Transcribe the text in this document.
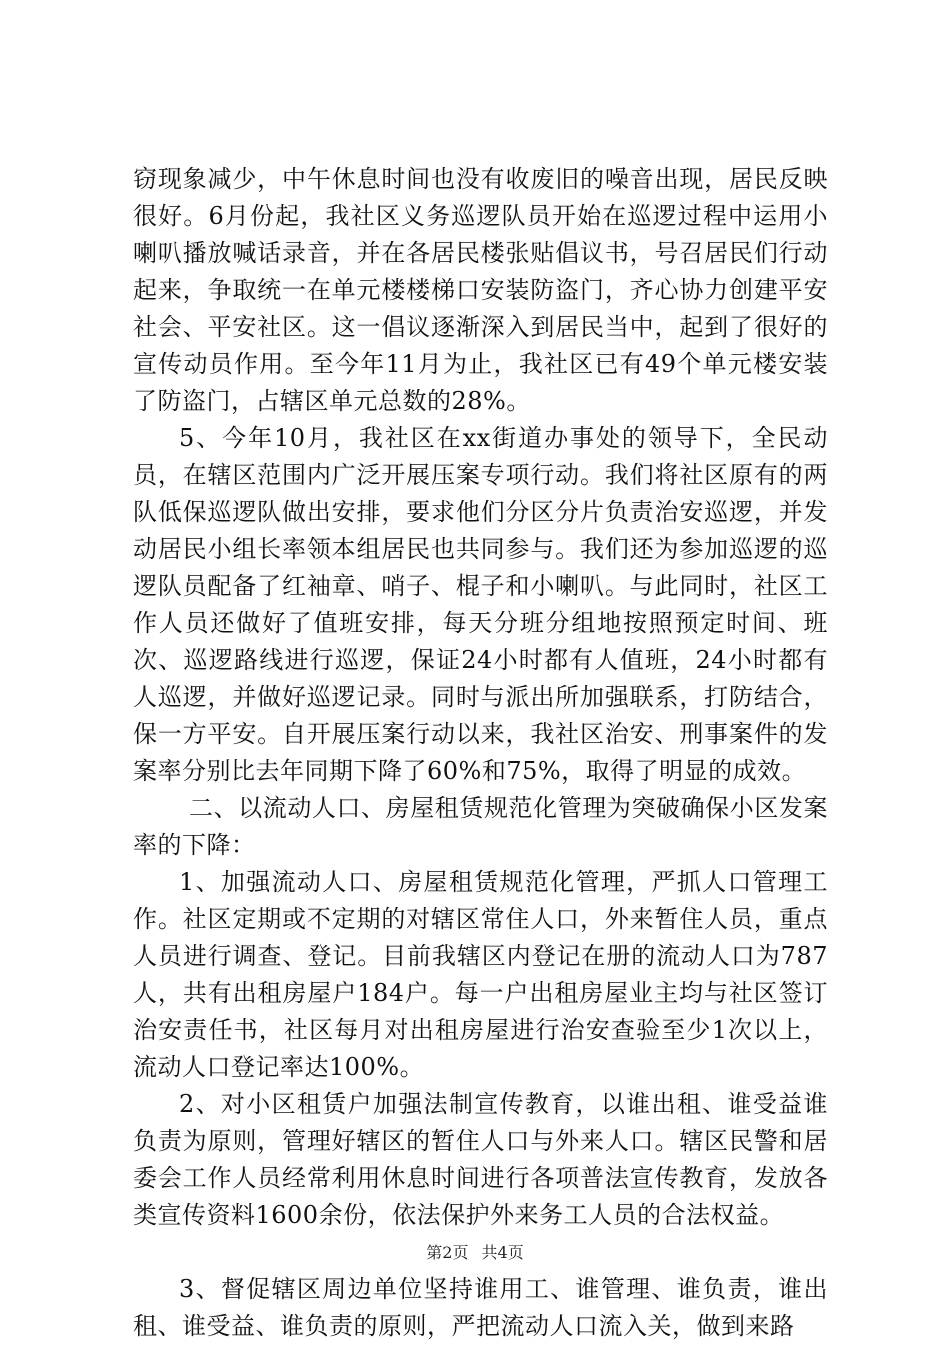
窃现象减少，中午休息时间也没有收废旧的噪音出现，居民反映很好。6月份起，我社区义务巡逻队员开始在巡逻过程中运用小喇叭播放喊话录音，并在各居民楼张贴倡议书，号召居民们行动起来，争取统一在单元楼楼梯口安装防盗门，齐心协力创建平安社会、平安社区。这一倡议逐渐深入到居民当中，起到了很好的宣传动员作用。至今年11月为止，我社区已有49个单元楼安装了防盗门，占辖区单元总数的28%。

5、今年10月，我社区在xx街道办事处的领导下，全民动员，在辖区范围内广泛开展压案专项行动。我们将社区原有的两队低保巡逻队做出安排，要求他们分区分片负责治安巡逻，并发动居民小组长率领本组居民也共同参与。我们还为参加巡逻的巡逻队员配备了红袖章、哨子、棍子和小喇叭。与此同时，社区工作人员还做好了值班安排，每天分班分组地按照预定时间、班次、巡逻路线进行巡逻，保证24小时都有人值班，24小时都有人巡逻，并做好巡逻记录。同时与派出所加强联系，打防结合，保一方平安。自开展压案行动以来，我社区治安、刑事案件的发案率分别比去年同期下降了60%和75%，取得了明显的成效。

二、以流动人口、房屋租赁规范化管理为突破确保小区发案率的下降：

1、加强流动人口、房屋租赁规范化管理，严抓人口管理工作。社区定期或不定期的对辖区常住人口，外来暂住人员，重点人员进行调查、登记。目前我辖区内登记在册的流动人口为787人，共有出租房屋户184户。每一户出租房屋业主均与社区签订治安责任书，社区每月对出租房屋进行治安查验至少1次以上，流动人口登记率达100%。

2、对小区租赁户加强法制宣传教育，以谁出租、谁受益谁负责为原则，管理好辖区的暂住人口与外来人口。辖区民警和居委会工作人员经常利用休息时间进行各项普法宣传教育，发放各类宣传资料1600余份，依法保护外来务工人员的合法权益。

3、督促辖区周边单位坚持谁用工、谁管理、谁负责，谁出租、谁受益、谁负责的原则，严把流动人口流入关，做到来路

第2页 共4页
